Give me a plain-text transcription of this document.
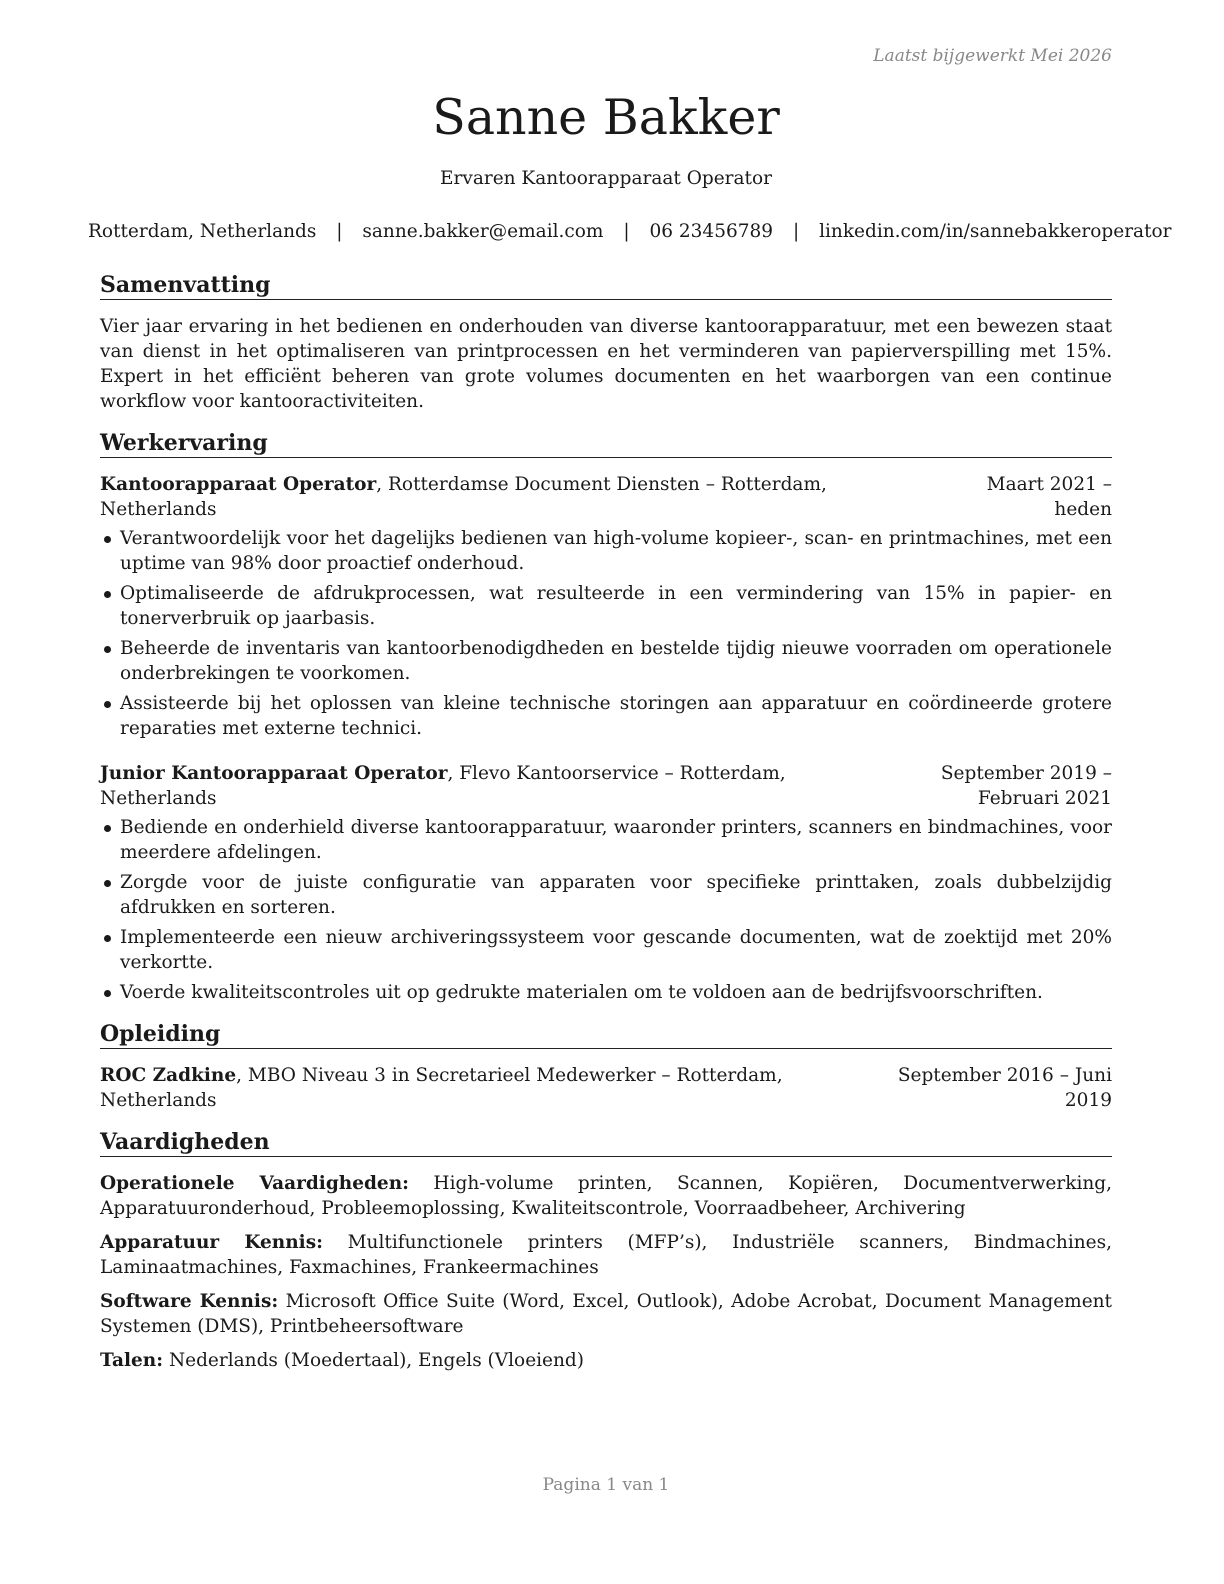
Laatst bijgewerkt Mei 2026
Sanne Bakker
Ervaren Kantoorapparaat Operator
Rotterdam, Netherlands | sanne.bakker@email.com | 06 23456789 | linkedin.com/in/sannebakkeroperator
Samenvatting

Vier jaar ervaring in het bedienen en onderhouden van diverse kantoorapparatuur, met een bewezen staat van dienst in het optimaliseren van printprocessen en het verminderen van papierverspilling met 15%. Expert in het efficiënt beheren van grote volumes documenten en het waarborgen van een continue workflow voor kantooractiviteiten.

Werkervaring
Kantoorapparaat Operator, Rotterdamse Document Diensten – Rotterdam, Netherlands
Maart 2021 – heden
Verantwoordelijk voor het dagelijks bedienen van high-volume kopieer-, scan- en printmachines, met een uptime van 98% door proactief onderhoud.
Optimaliseerde de afdrukprocessen, wat resulteerde in een vermindering van 15% in papier- en tonerverbruik op jaarbasis.
Beheerde de inventaris van kantoorbenodigdheden en bestelde tijdig nieuwe voorraden om operationele onderbrekingen te voorkomen.
Assisteerde bij het oplossen van kleine technische storingen aan apparatuur en coördineerde grotere reparaties met externe technici.
Junior Kantoorapparaat Operator, Flevo Kantoorservice – Rotterdam, Netherlands
September 2019 – Februari 2021
Bediende en onderhield diverse kantoorapparatuur, waaronder printers, scanners en bindmachines, voor meerdere afdelingen.
Zorgde voor de juiste configuratie van apparaten voor specifieke printtaken, zoals dubbelzijdig afdrukken en sorteren.
Implementeerde een nieuw archiveringssysteem voor gescande documenten, wat de zoektijd met 20% verkortte.
Voerde kwaliteitscontroles uit op gedrukte materialen om te voldoen aan de bedrijfsvoorschriften.
Opleiding
ROC Zadkine, MBO Niveau 3 in Secretarieel Medewerker – Rotterdam, Netherlands
September 2016 – Juni 2019
Vaardigheden
Operationele Vaardigheden: High-volume printen, Scannen, Kopiëren, Documentverwerking, Apparatuuronderhoud, Probleemoplossing, Kwaliteitscontrole, Voorraadbeheer, Archivering
Apparatuur Kennis: Multifunctionele printers (MFP’s), Industriële scanners, Bindmachines, Laminaatmachines, Faxmachines, Frankeermachines
Software Kennis: Microsoft Office Suite (Word, Excel, Outlook), Adobe Acrobat, Document Management Systemen (DMS), Printbeheersoftware
Talen: Nederlands (Moedertaal), Engels (Vloeiend)
Pagina 1 van 1
